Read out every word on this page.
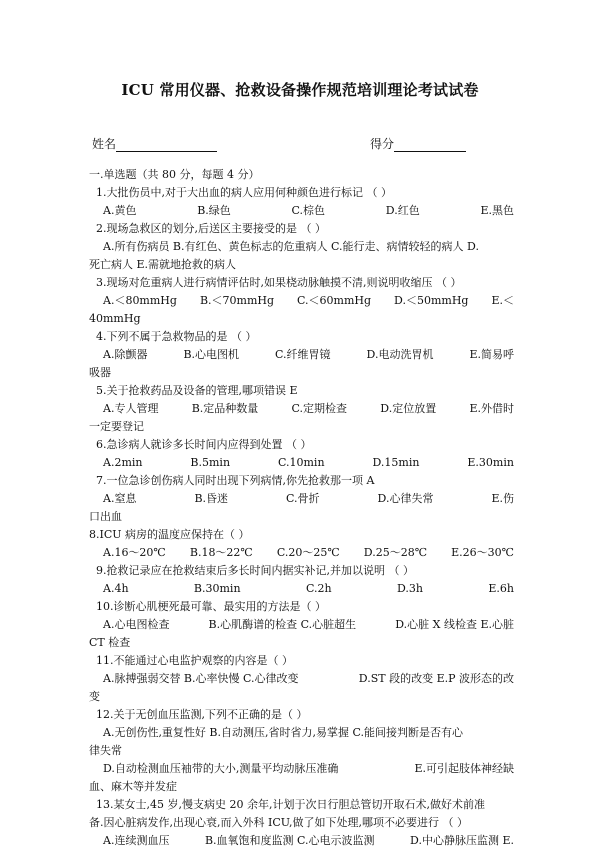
ICU 常用仪器、抢救设备操作规范培训理论考试试卷
姓名	得分

一.单选题（共 80 分，每题 4 分）

1.大批伤员中,对于大出血的病人应用何种颜色进行标记 （ ）

A.黄色	B.绿色	C.棕色	D.红色	E.黑色

2.现场急救区的划分,后送区主要接受的是 （ ）

A.所有伤病员 B.有红色、黄色标志的危重病人 C.能行走、病情较轻的病人 D.

死亡病人 E.需就地抢救的病人

3.现场对危重病人进行病情评估时,如果桡动脉触摸不清,则说明收缩压 （ ）

A.＜80mmHg B.＜70mmHg C.＜60mmHg D.＜50mmHg E.＜

40mmHg

4.下列不属于急救物品的是 （ ）

A.除颤器	B.心电图机	C.纤维胃镜	D.电动洗胃机	E.简易呼

吸器

5.关于抢救药品及设备的管理,哪项错误 E

A.专人管理	B.定品种数量	C.定期检查	D.定位放置	E.外借时

一定要登记

6.急诊病人就诊多长时间内应得到处置 （ ）

A.2min	B.5min	C.10min	D.15min	E.30min

7.一位急诊创伤病人同时出现下列病情,你先抢救那一项 A

A.窒息	B.昏迷	C.骨折	D.心律失常	E.伤

口出血

8.ICU 病房的温度应保持在（ ）

A.16～20℃ B.18～22℃ C.20～25℃ D.25～28℃ E.26～30℃

9.抢救记录应在抢救结束后多长时间内据实补记,并加以说明 （ ）

A.4h	B.30min	C.2h	D.3h	E.6h

10.诊断心肌梗死最可靠、最实用的方法是（ ）

A.心电图检查	B.心肌酶谱的检查 C.心脏超生	D.心脏 X 线检查 E.心脏

CT 检查

11.不能通过心电监护观察的内容是（ ）

A.脉搏强弱交替 B.心率快慢 C.心律改变	D.ST 段的改变 E.P 波形态的改

变

12.关于无创血压监测,下列不正确的是（ ）

A.无创伤性,重复性好 B.自动测压,省时省力,易掌握 C.能间接判断是否有心

律失常

D.自动检测血压袖带的大小,测量平均动脉压准确	E.可引起肢体神经缺

血、麻木等并发症

13.某女士,45 岁,慢支病史 20 余年,计划于次日行胆总管切开取石术,做好术前准

备.因心脏病发作,出现心衰,而入外科 ICU,做了如下处理,哪项不必要进行 （ ）

A.连续测血压	B.血氧饱和度监测 C.心电示波监测	D.中心静脉压监测 E.
